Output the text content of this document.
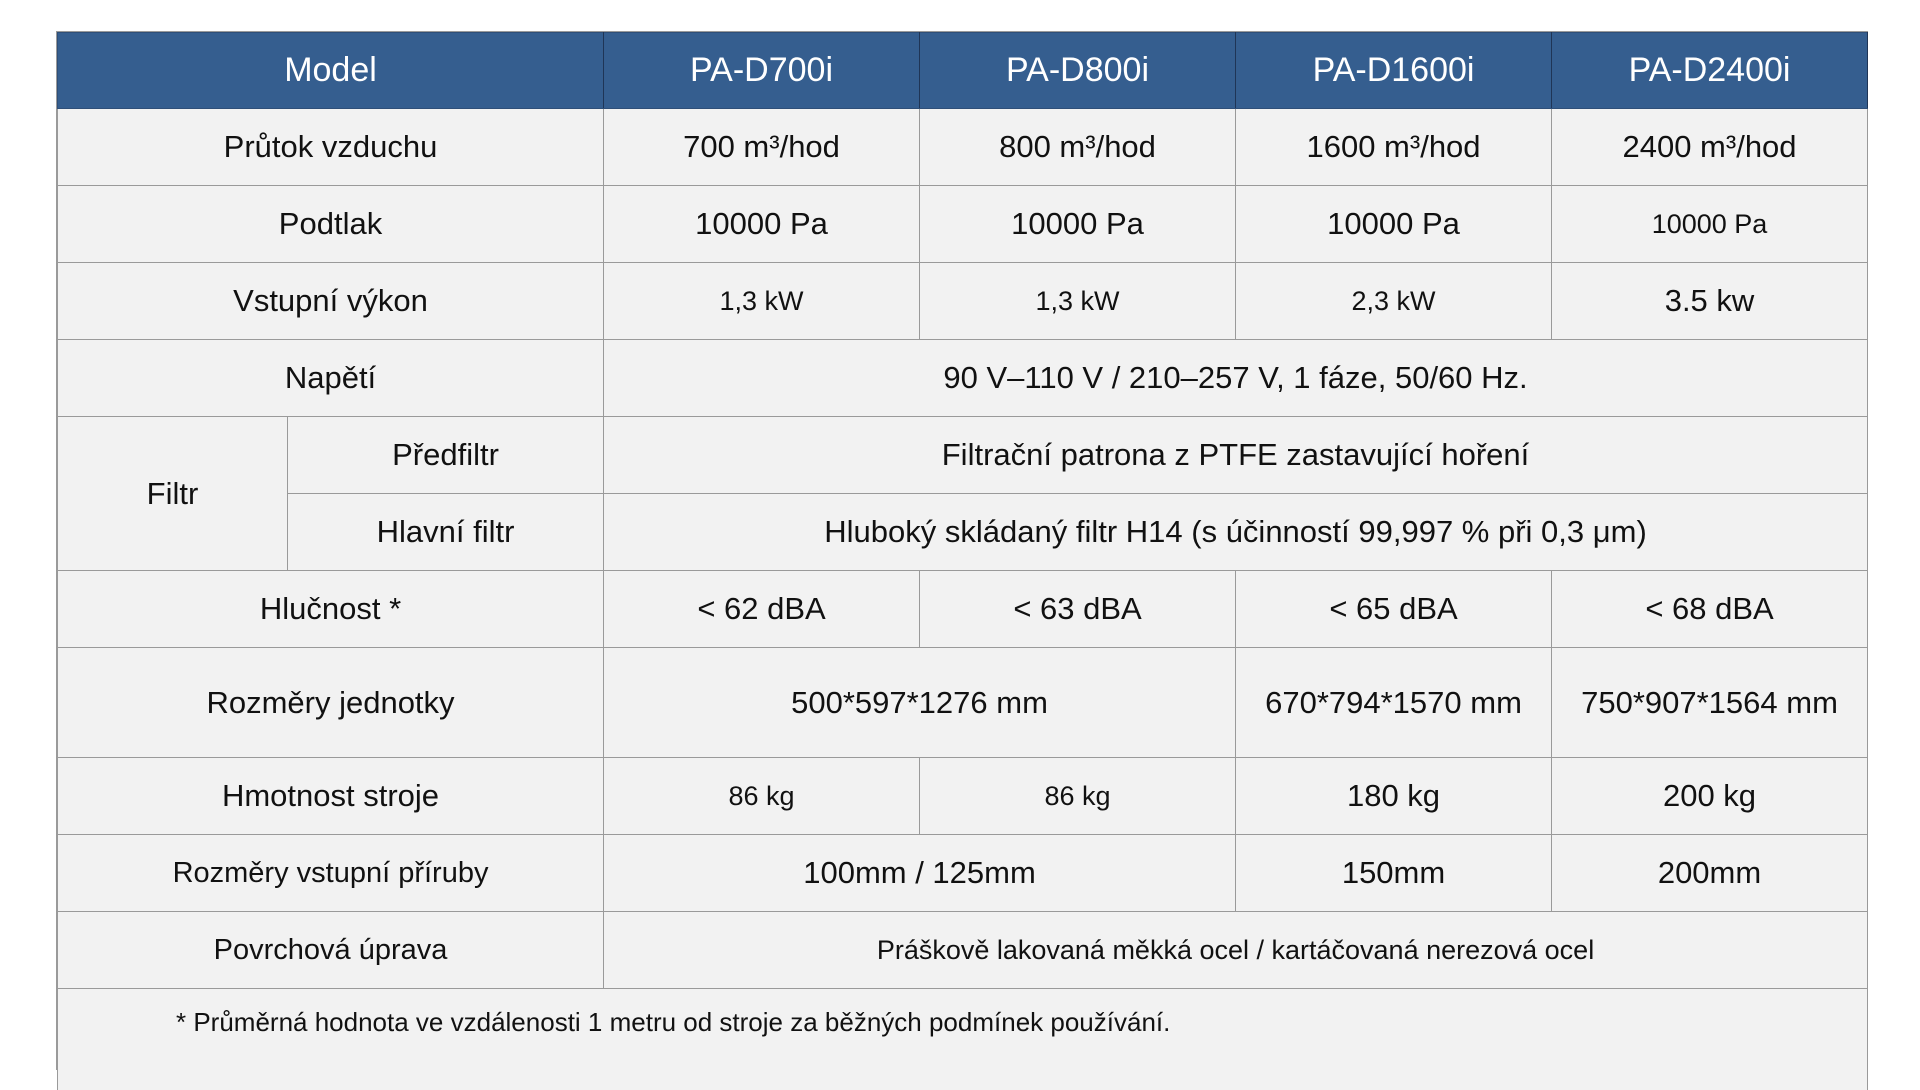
Model		PA-D700i	PA-D800i	PA-D1600i	PA-D2400i
Průtok vzduchu		700 m³/hod	800 m³/hod	1600 m³/hod	2400 m³/hod
Podtlak		10000 Pa	10000 Pa	10000 Pa	10000 Pa
Vstupní výkon		1,3 kW	1,3 kW	2,3 kW	3.5 kw
Napětí		90 V–110 V / 210–257 V, 1 fáze, 50/60 Hz.			
Filtr	Předfiltr	Filtrační patrona z PTFE zastavující hoření			
	Hlavní filtr	Hluboký skládaný filtr H14 (s účinností 99,997 % při 0,3 μm)			
Hlučnost *		< 62 dBA	< 63 dBA	< 65 dBA	< 68 dBA
Rozměry jednotky		500*597*1276 mm		670*794*1570 mm	750*907*1564 mm
Hmotnost stroje		86 kg	86 kg	180 kg	200 kg
Rozměry vstupní příruby		100mm / 125mm		150mm	200mm
Povrchová úprava		Práškově lakovaná měkká ocel / kartáčovaná nerezová ocel			
* Průměrná hodnota ve vzdálenosti 1 metru od stroje za běžných podmínek používání.					
